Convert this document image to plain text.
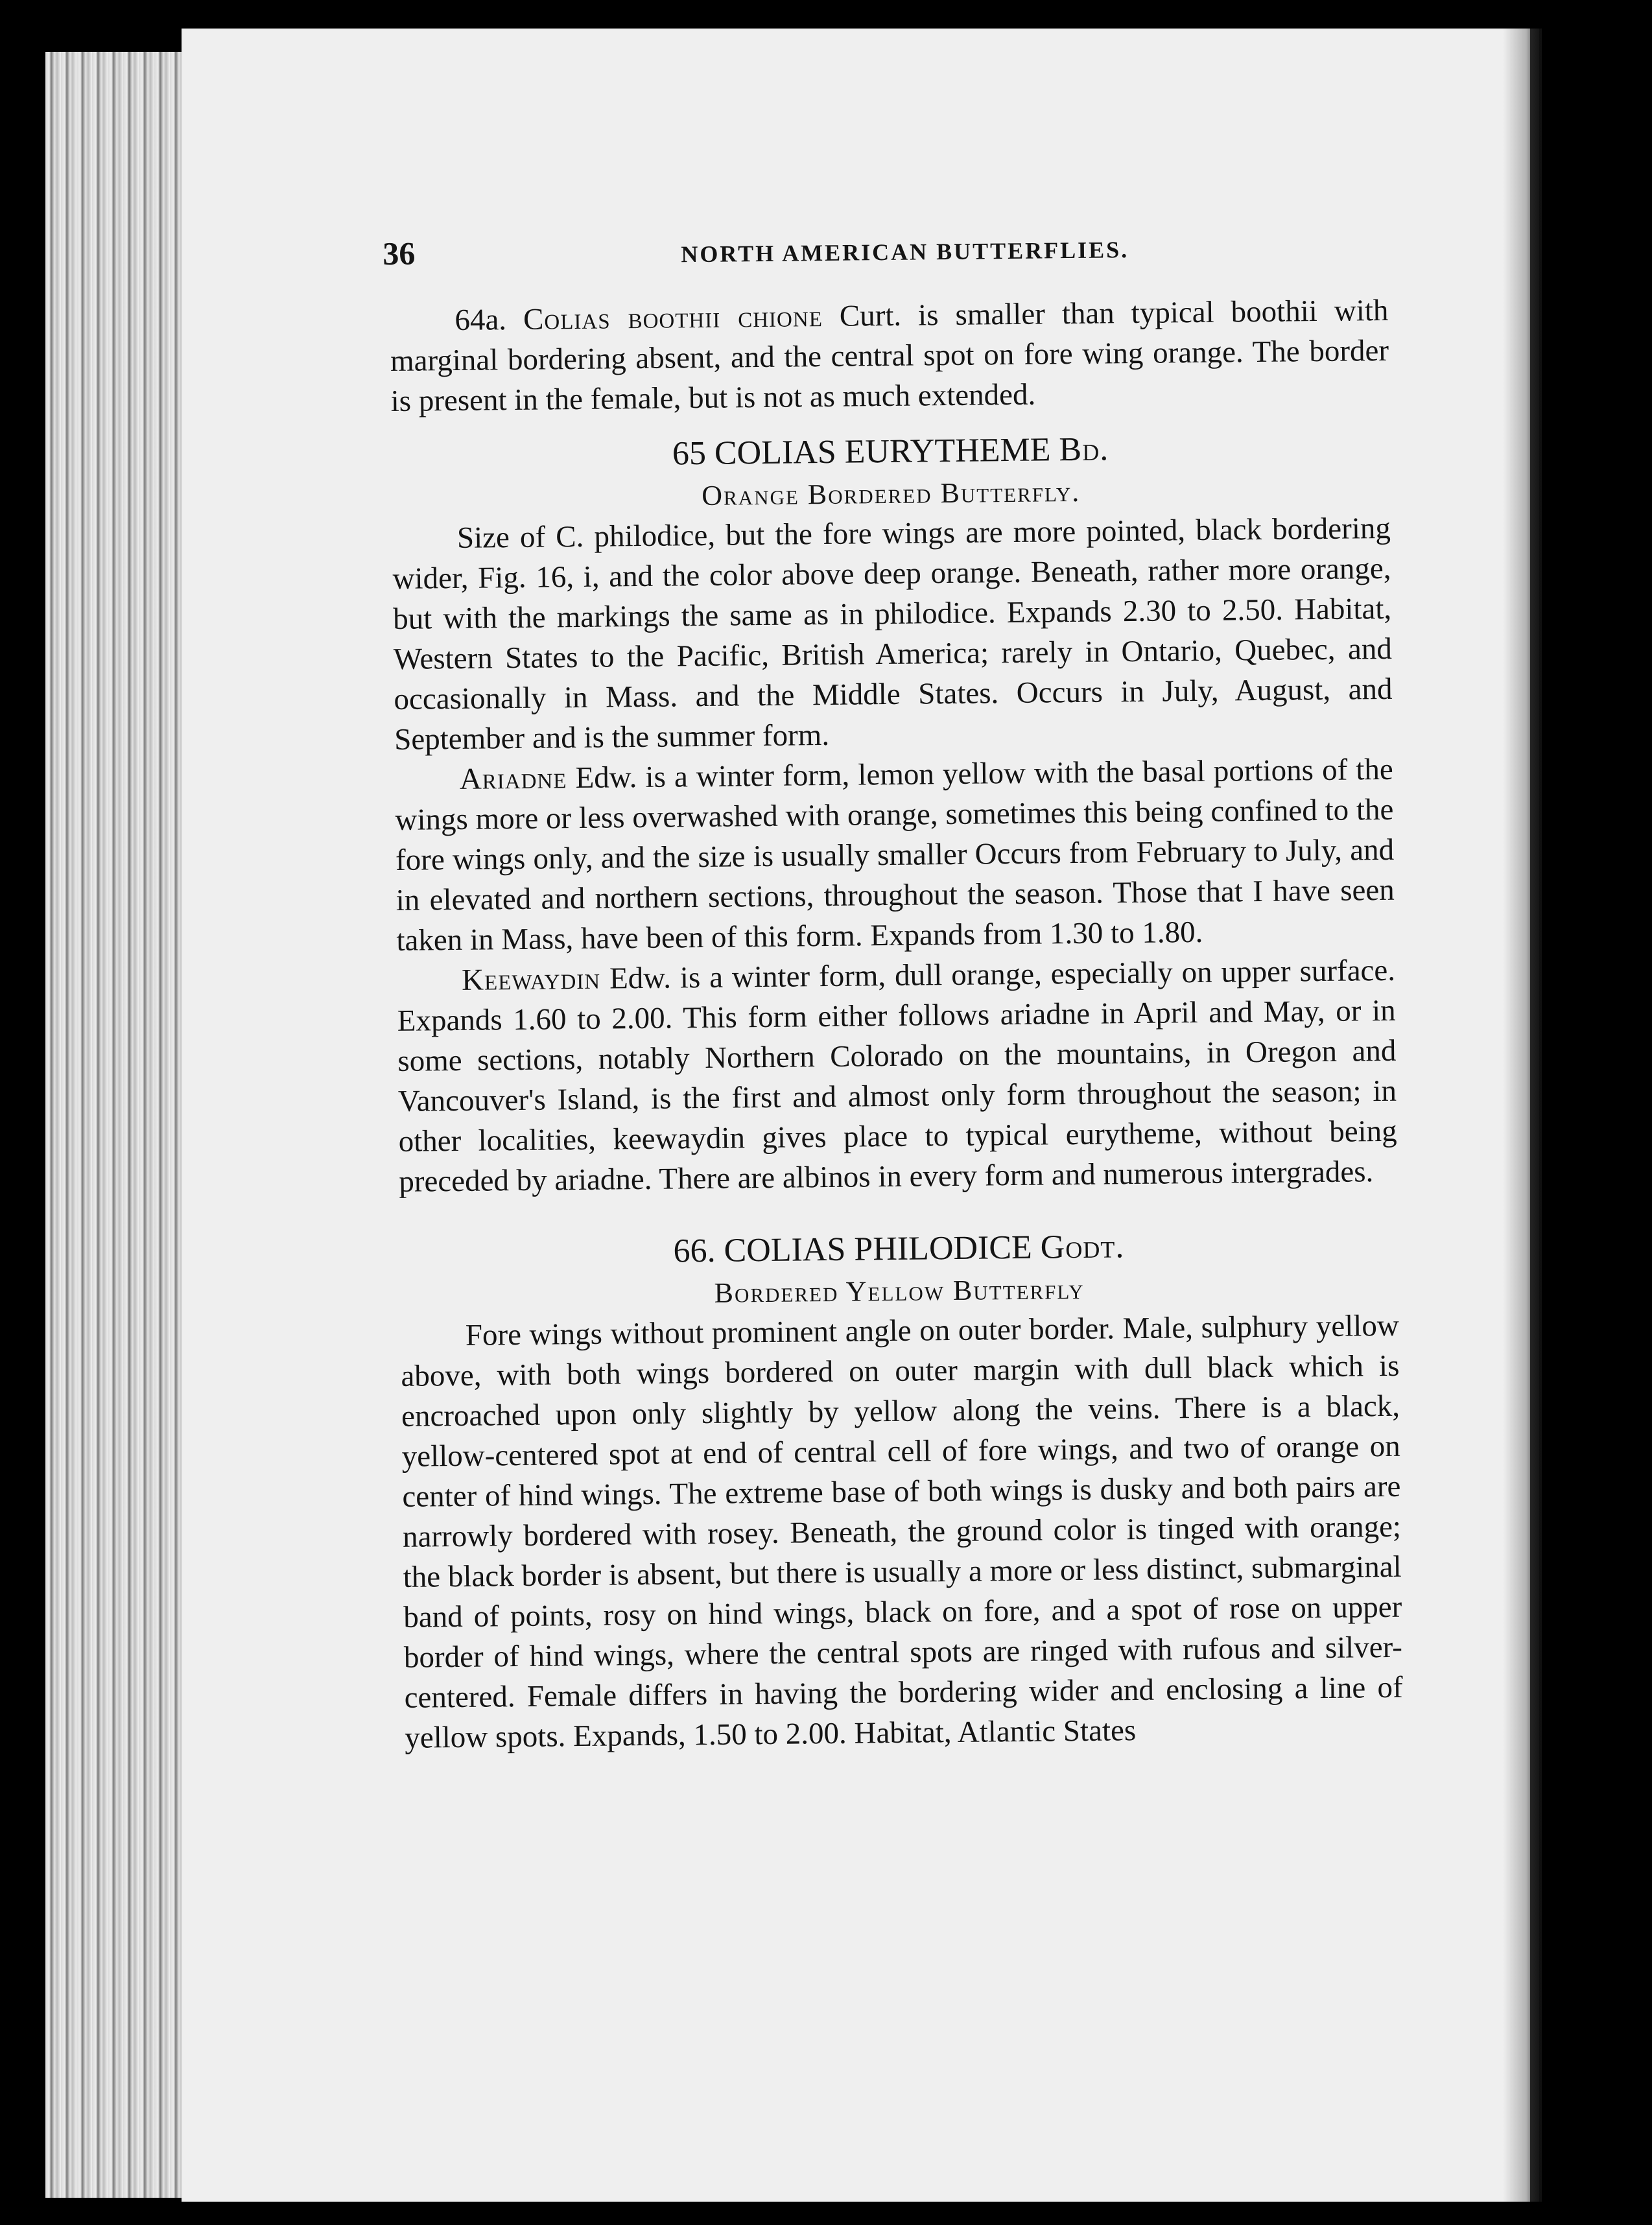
36	NORTH AMERICAN BUTTERFLIES.

64a. Colias boothii chione Curt. is smaller than typical boothii with marginal bordering absent, and the central spot on fore wing orange. The border is present in the female, but is not as much extended.

65 COLIAS EURYTHEME Bd.

Orange Bordered Butterfly.

Size of C. philodice, but the fore wings are more pointed, black bordering wider, Fig. 16, i, and the color above deep orange. Beneath, rather more orange, but with the markings the same as in philodice. Expands 2.30 to 2.50. Habitat, Western States to the Pacific, British America; rarely in Ontario, Quebec, and occasionally in Mass. and the Middle States. Occurs in July, August, and September and is the summer form.

Ariadne Edw. is a winter form, lemon yellow with the basal portions of the wings more or less overwashed with orange, sometimes this being confined to the fore wings only, and the size is usually smaller Occurs from February to July, and in elevated and northern sections, throughout the season. Those that I have seen taken in Mass, have been of this form. Expands from 1.30 to 1.80.

Keewaydin Edw. is a winter form, dull orange, especially on upper surface. Expands 1.60 to 2.00. This form either follows ariadne in April and May, or in some sections, notably Northern Colorado on the mountains, in Oregon and Vancouver's Island, is the first and almost only form throughout the season; in other localities, keewaydin gives place to typical eurytheme, without being preceded by ariadne. There are albinos in every form and numerous intergrades.

66. COLIAS PHILODICE Godt.

Bordered Yellow Butterfly

Fore wings without prominent angle on outer border. Male, sulphury yellow above, with both wings bordered on outer margin with dull black which is encroached upon only slightly by yellow along the veins. There is a black, yellow-centered spot at end of central cell of fore wings, and two of orange on center of hind wings. The extreme base of both wings is dusky and both pairs are narrowly bordered with rosey. Beneath, the ground color is tinged with orange; the black border is absent, but there is usually a more or less distinct, submarginal band of points, rosy on hind wings, black on fore, and a spot of rose on upper border of hind wings, where the central spots are ringed with rufous and silver-centered. Female differs in having the bordering wider and enclosing a line of yellow spots. Expands, 1.50 to 2.00. Habitat, Atlantic States
